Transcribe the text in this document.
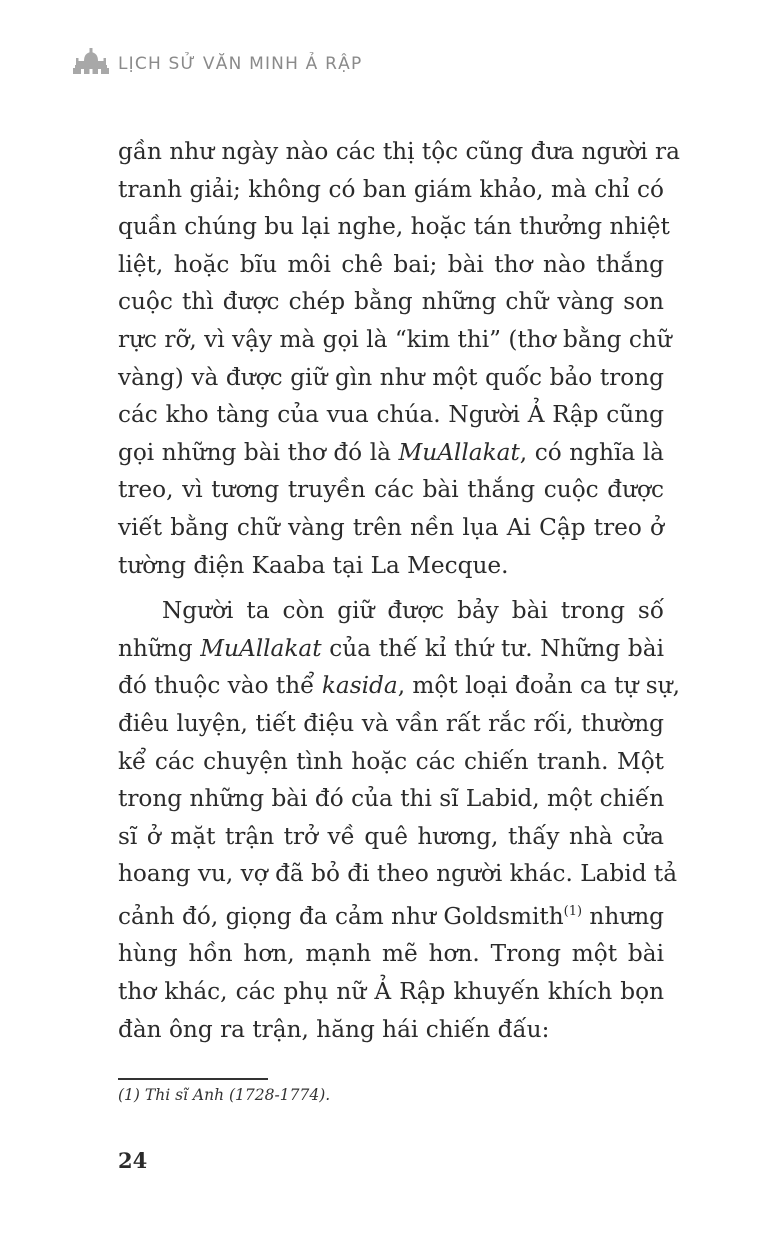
LỊCH SỬ VĂN MINH Ả RẬP

gần như ngày nào các thị tộc cũng đưa người ra
tranh giải; không có ban giám khảo, mà chỉ có
quần chúng bu lại nghe, hoặc tán thưởng nhiệt
liệt, hoặc bĩu môi chê bai; bài thơ nào thắng
cuộc thì được chép bằng những chữ vàng son
rực rỡ, vì vậy mà gọi là “kim thi” (thơ bằng chữ
vàng) và được giữ gìn như một quốc bảo trong
các kho tàng của vua chúa. Người Ả Rập cũng
gọi những bài thơ đó là MuAllakat, có nghĩa là
treo, vì tương truyền các bài thắng cuộc được
viết bằng chữ vàng trên nền lụa Ai Cập treo ở
tường điện Kaaba tại La Mecque.

Người ta còn giữ được bảy bài trong số
những MuAllakat của thế kỉ thứ tư. Những bài
đó thuộc vào thể kasida, một loại đoản ca tự sự,
điêu luyện, tiết điệu và vần rất rắc rối, thường
kể các chuyện tình hoặc các chiến tranh. Một
trong những bài đó của thi sĩ Labid, một chiến
sĩ ở mặt trận trở về quê hương, thấy nhà cửa
hoang vu, vợ đã bỏ đi theo người khác. Labid tả
cảnh đó, giọng đa cảm như Goldsmith$^{(1)}$ nhưng
hùng hồn hơn, mạnh mẽ hơn. Trong một bài
thơ khác, các phụ nữ Ả Rập khuyến khích bọn
đàn ông ra trận, hăng hái chiến đấu:

(1) Thi sĩ Anh (1728-1774).
24
